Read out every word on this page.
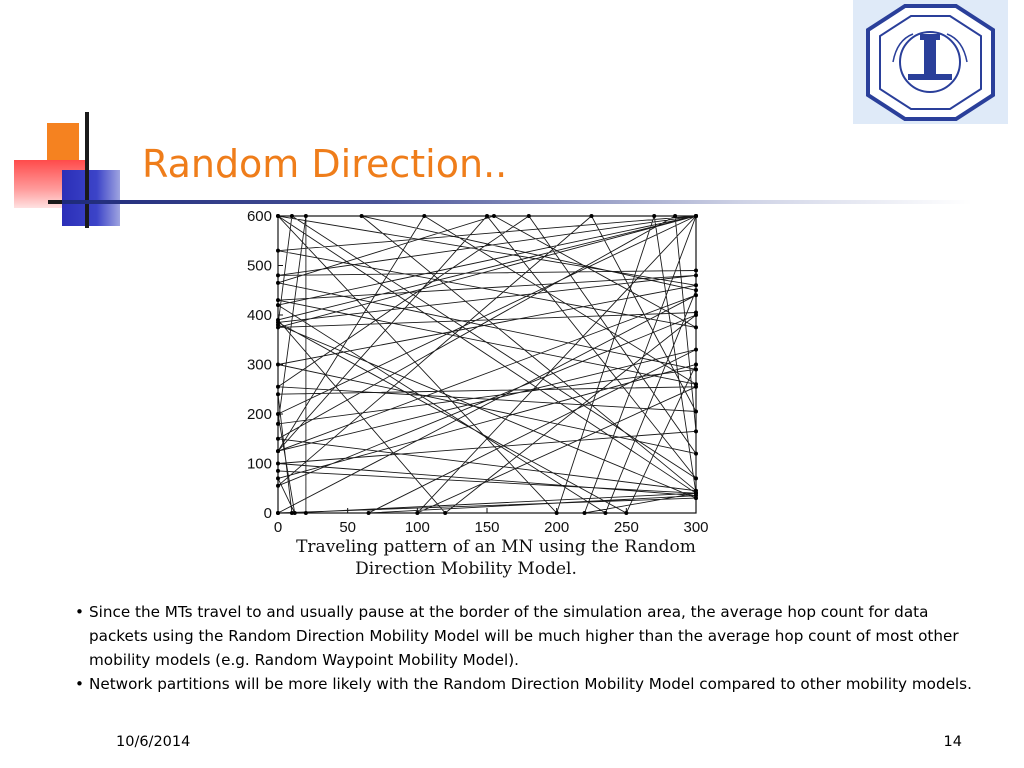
Random Direction..
0
100
200
300
400
500
600
0	50	100	150	200	250	300
Traveling pattern of an MN using the Random
Direction Mobility Model.
• Since the MTs travel to and usually pause at the border of the simulation area, the average hop count for data packets using the Random Direction Mobility Model will be much higher than the average hop count of most other mobility models (e.g. Random Waypoint Mobility Model).
• Network partitions will be more likely with the Random Direction Mobility Model compared to other mobility models.
10/6/2014	14
